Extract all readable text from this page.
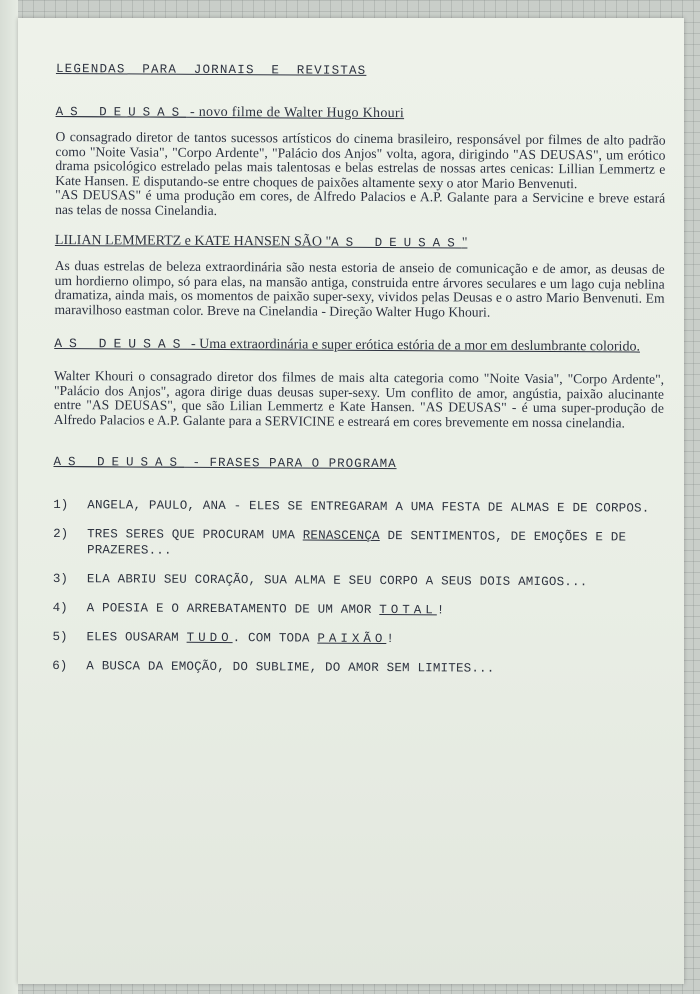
LEGENDAS PARA JORNAIS E REVISTAS
AS DEUSAS - novo filme de Walter Hugo Khouri

O consagrado diretor de tantos sucessos artísticos do cinema brasileiro, responsável por filmes de alto padrão como "Noite Vasia", "Corpo Ardente", "Palácio dos Anjos" volta, agora, dirigindo "AS DEUSAS", um erótico drama psicológico estrelado pelas mais talentosas e belas estrelas de nossas artes cenicas: Lillian Lemmertz e Kate Hansen. E disputando-se entre choques de paixões altamente sexy o ator Mario Benvenuti.

"AS DEUSAS" é uma produção em cores, de Alfredo Palacios e A.P. Galante para a Servicine e breve estará nas telas de nossa Cinelandia.

LILIAN LEMMERTZ e KATE HANSEN SÃO "AS DEUSAS"

As duas estrelas de beleza extraordinária são nesta estoria de anseio de comunicação e de amor, as deusas de um hordierno olimpo, só para elas, na mansão antiga, construida entre árvores seculares e um lago cuja neblina dramatiza, ainda mais, os momentos de paixão super-sexy, vividos pelas Deusas e o astro Mario Benvenuti. Em maravilhoso eastman color. Breve na Cinelandia - Direção Walter Hugo Khouri.

AS DEUSAS - Uma extraordinária e super erótica estória de a mor em deslumbrante colorido.

Walter Khouri o consagrado diretor dos filmes de mais alta categoria como "Noite Vasia", "Corpo Ardente", "Palácio dos Anjos", agora dirige duas deusas super-sexy. Um conflito de amor, angústia, paixão alucinante entre "AS DEUSAS", que são Lilian Lemmertz e Kate Hansen. "AS DEUSAS" - é uma super-produção de Alfredo Palacios e A.P. Galante para a SERVICINE e estreará em cores brevemente em nossa cinelandia.

AS DEUSAS - FRASES PARA O PROGRAMA
1)	ANGELA, PAULO, ANA - ELES SE ENTREGARAM A UMA FESTA DE ALMAS E DE CORPOS.
2)	TRES SERES QUE PROCURAM UMA RENASCENÇA DE SENTIMENTOS, DE EMOÇÕES E DE PRAZERES...
3)	ELA ABRIU SEU CORAÇÃO, SUA ALMA E SEU CORPO A SEUS DOIS AMIGOS...
4)	A POESIA E O ARREBATAMENTO DE UM AMOR TOTAL!
5)	ELES OUSARAM TUDO. COM TODA PAIXÃO!
6)	A BUSCA DA EMOÇÃO, DO SUBLIME, DO AMOR SEM LIMITES...
